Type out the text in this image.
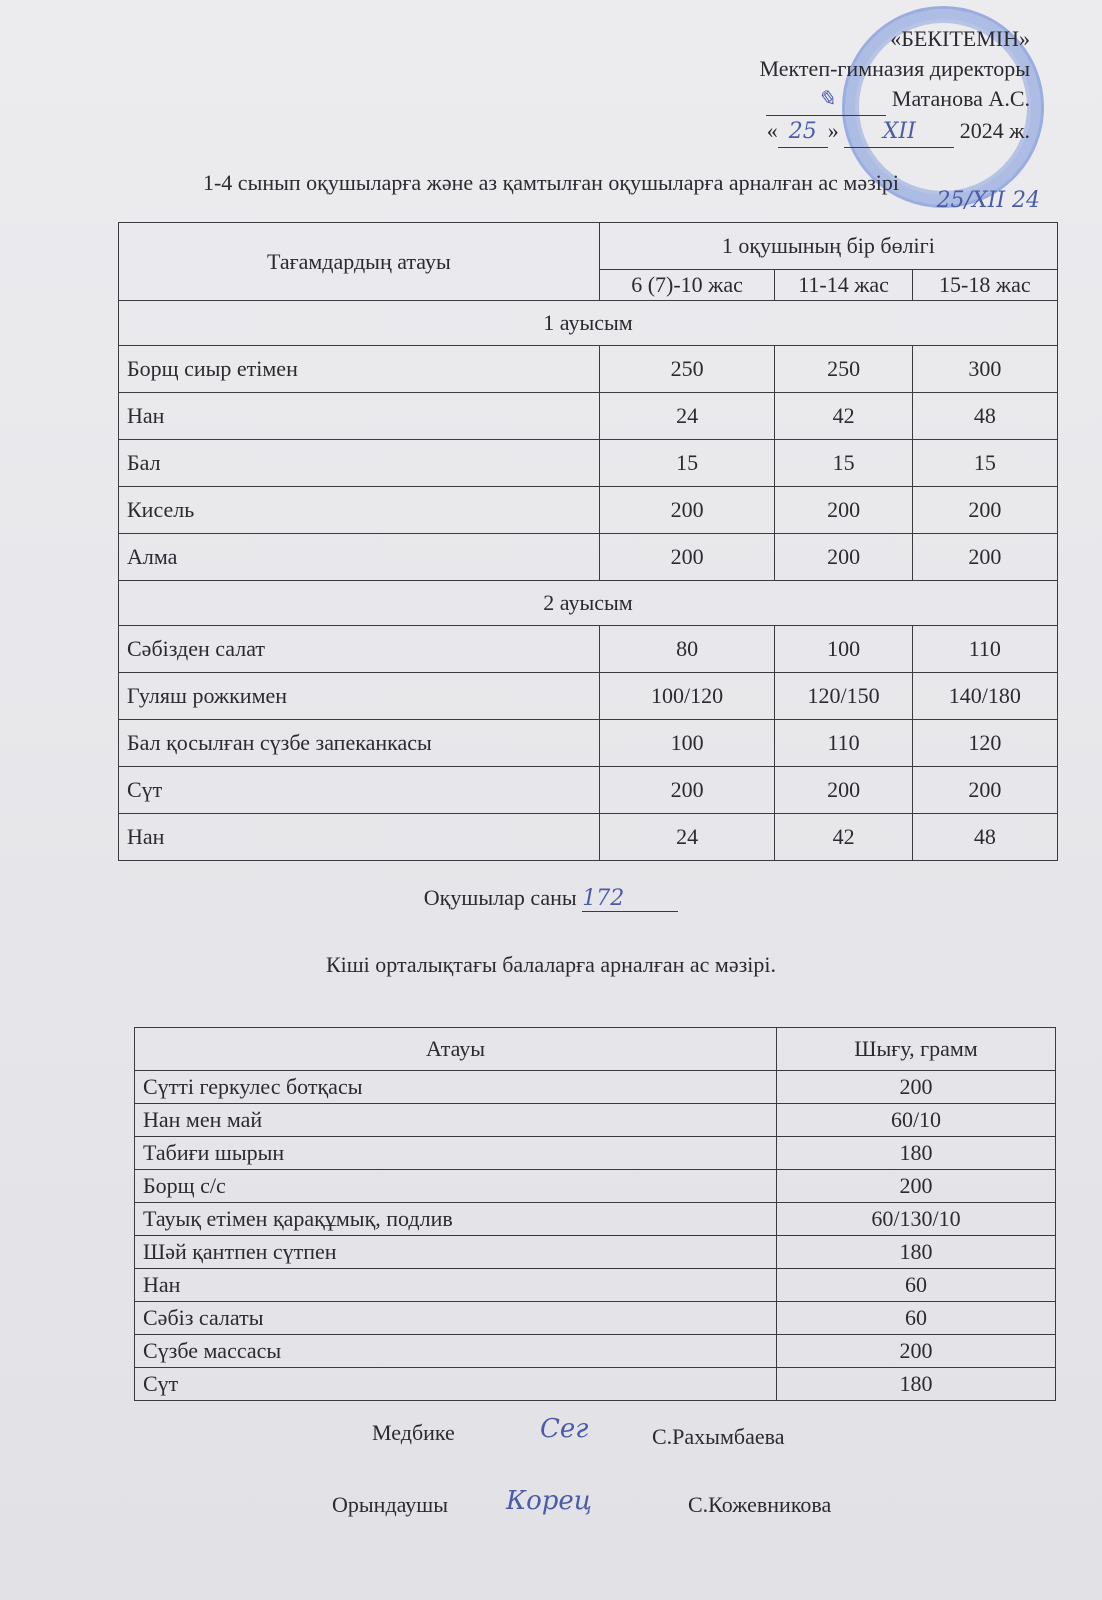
«БЕКІТЕМІН»
Мектеп-гимназия директоры
✎	Матанова А.С.
« 25 » XII 2024 ж.
25/XII 24
1-4 сынып оқушыларға және аз қамтылған оқушыларға арналған ас мәзірі
Тағамдардың атауы	1 оқушының бір бөлігі		
	6 (7)-10 жас	11-14 жас	15-18 жас
1 ауысым			
Борщ сиыр етімен	250	250	300
Нан	24	42	48
Бал	15	15	15
Кисель	200	200	200
Алма	200	200	200
2 ауысым			
Сәбізден салат	80	100	110
Гуляш рожкимен	100/120	120/150	140/180
Бал қосылған сүзбе запеканкасы	100	110	120
Сүт	200	200	200
Нан	24	42	48
Оқушылар саны 172
Кіші орталықтағы балаларға арналған ас мәзірі.
Атауы	Шығу, грамм
Сүтті геркулес ботқасы	200
Нан мен май	60/10
Табиғи шырын	180
Борщ с/с	200
Тауық етімен қарақұмық, подлив	60/130/10
Шәй қантпен сүтпен	180
Нан	60
Сәбіз салаты	60
Сүзбе массасы	200
Сүт	180
Медбике	Сег	С.Рахымбаева
Орындаушы Корец	С.Кожевникова
